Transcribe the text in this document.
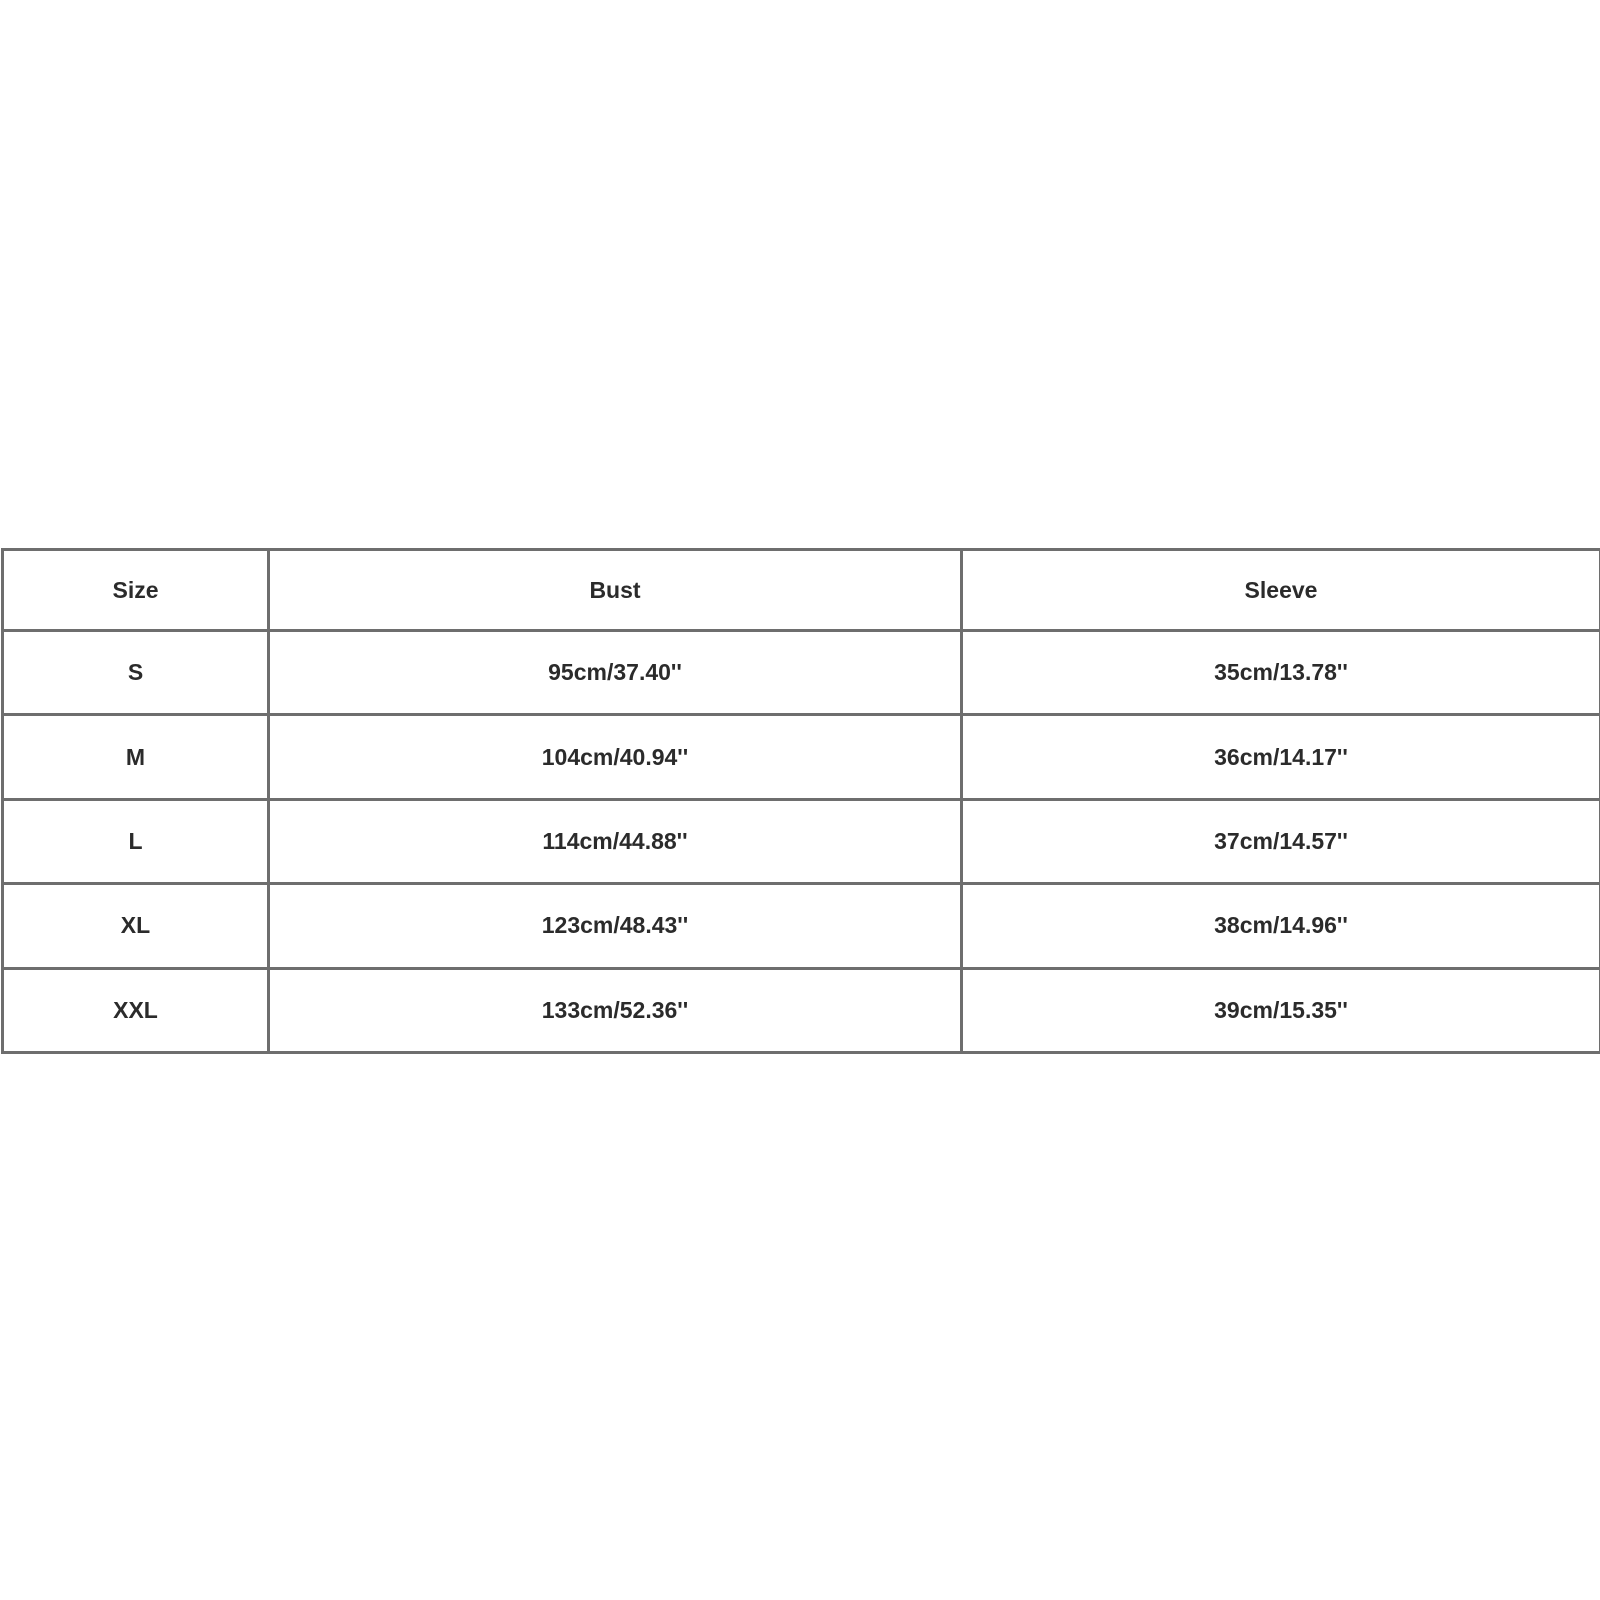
Size	Bust	Sleeve
S	95cm/37.40''	35cm/13.78''
M	104cm/40.94''	36cm/14.17''
L	114cm/44.88''	37cm/14.57''
XL	123cm/48.43''	38cm/14.96''
XXL	133cm/52.36''	39cm/15.35''
